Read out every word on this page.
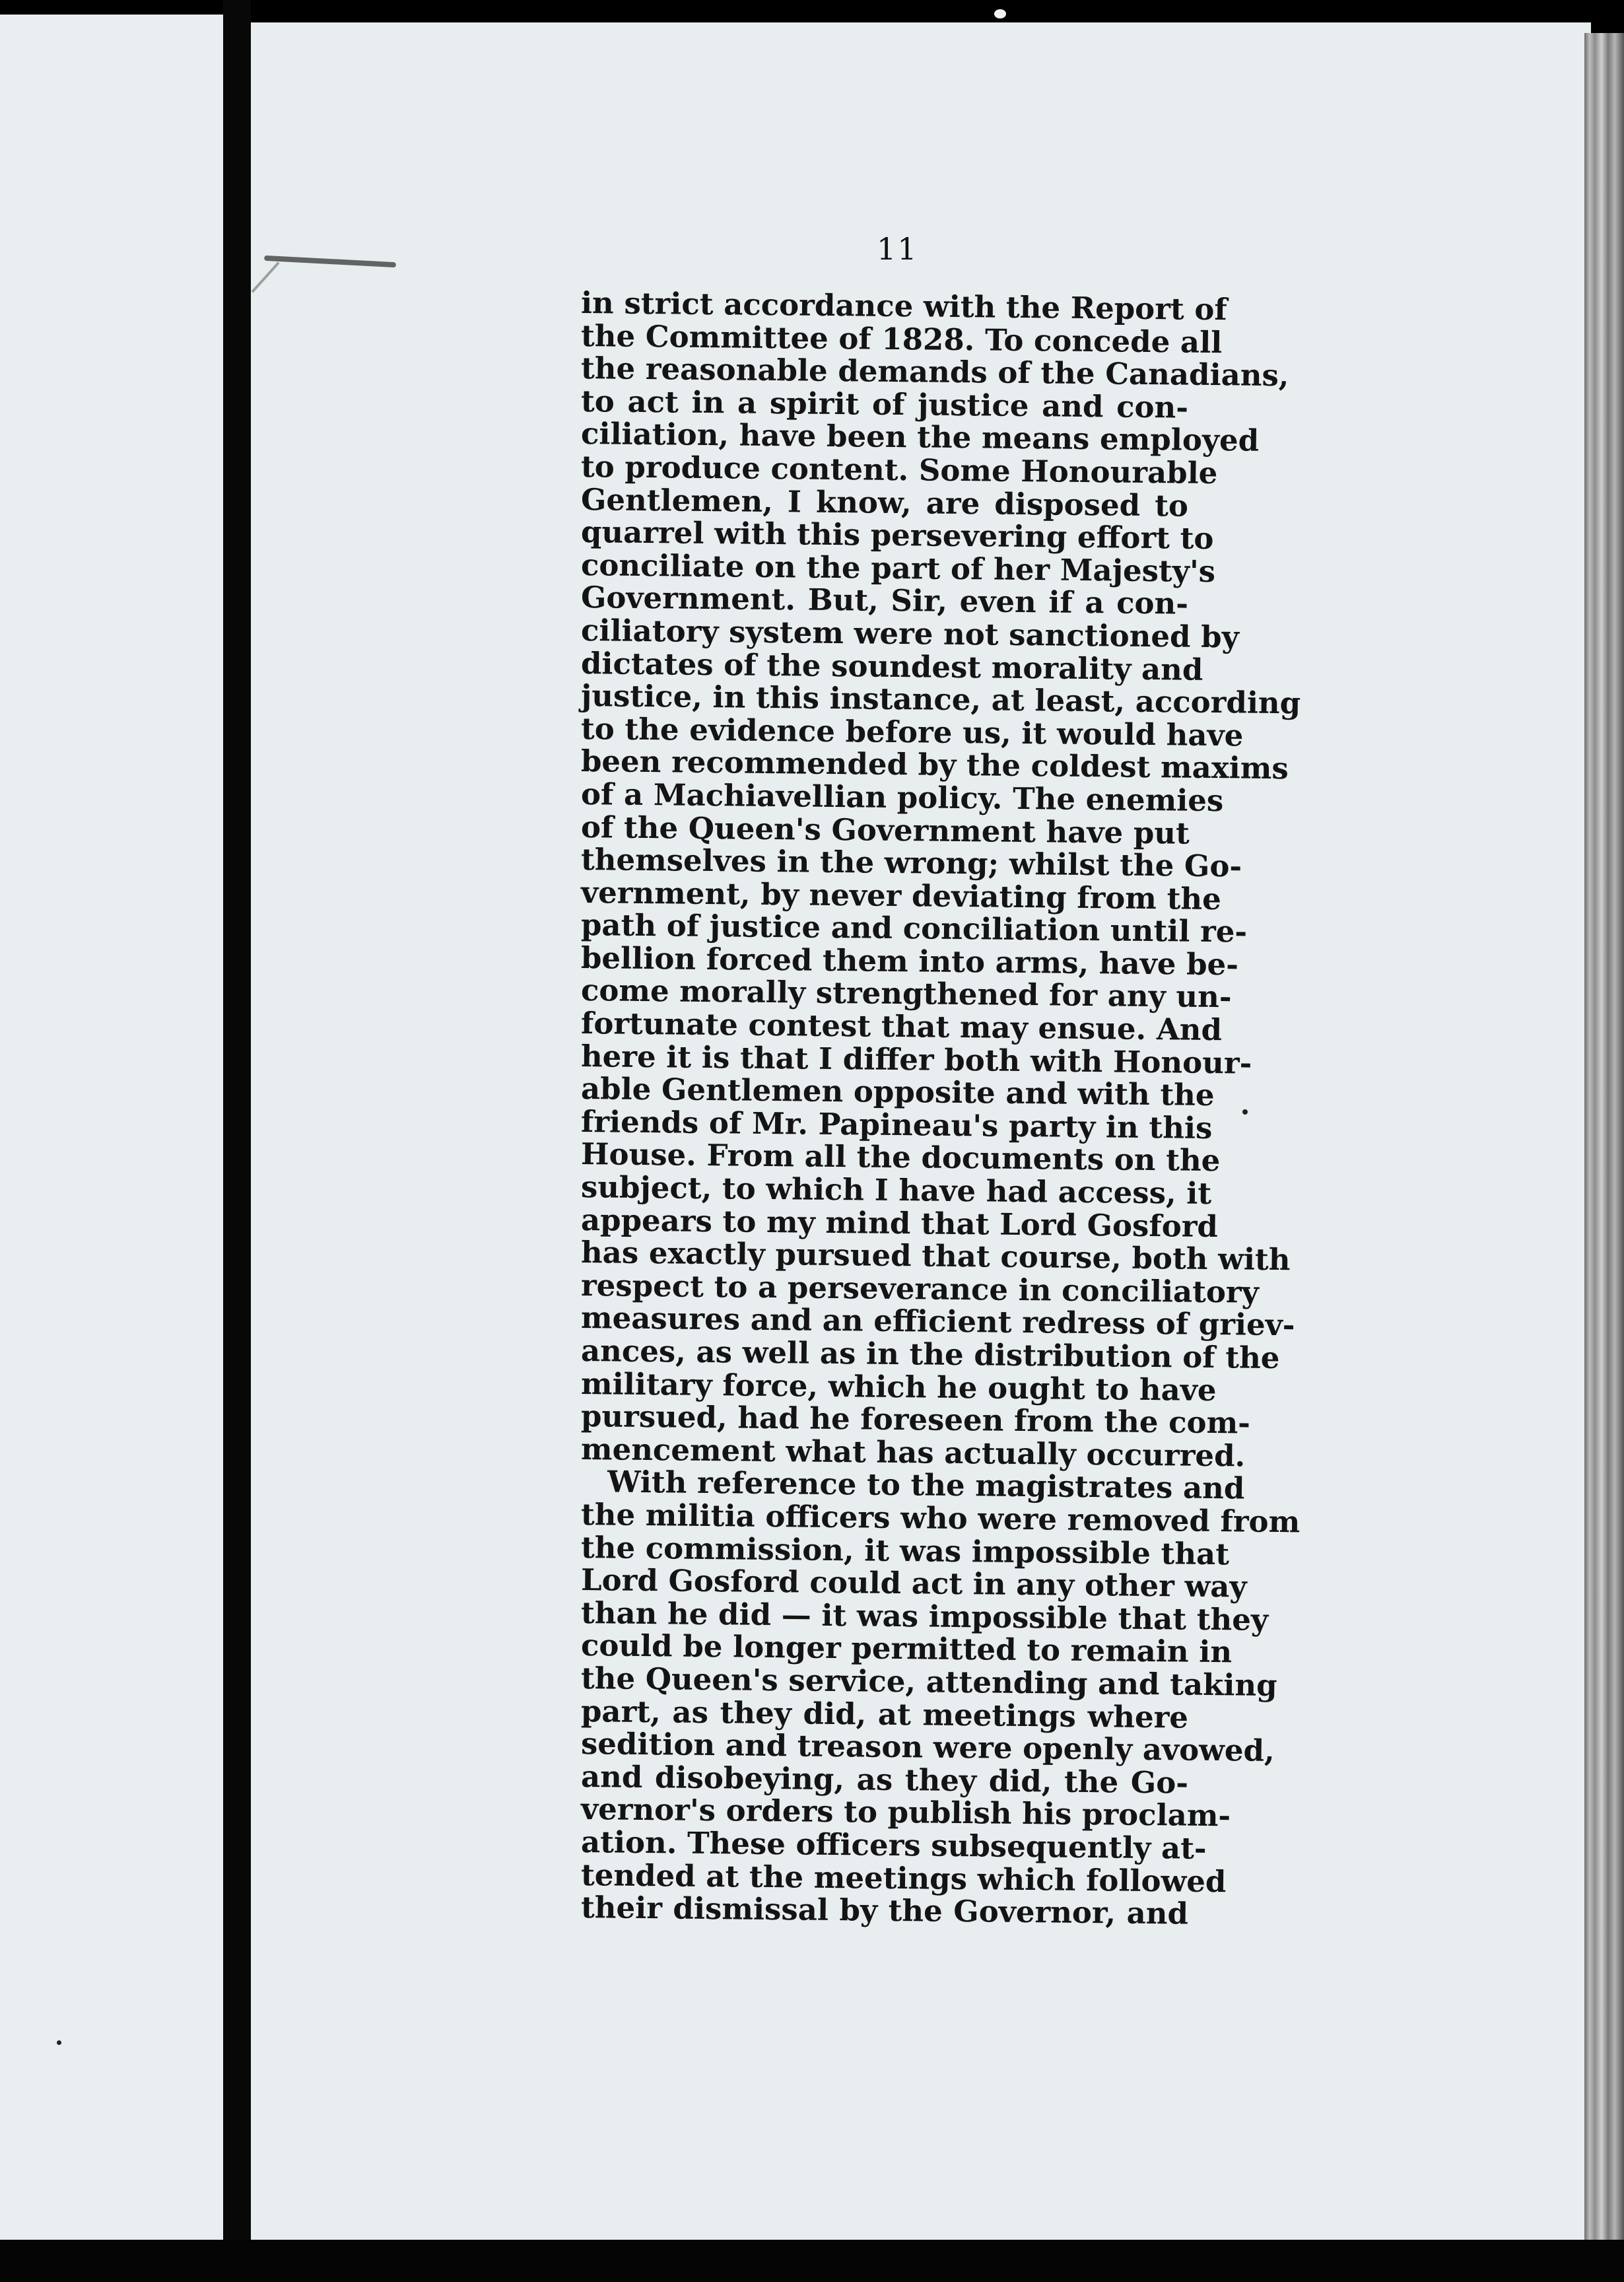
11
in strict accordance with the Report of
the Committee of 1828. To concede all
the reasonable demands of the Canadians,
to act in a spirit of justice and con-
ciliation, have been the means employed
to produce content. Some Honourable
Gentlemen, I know, are disposed to
quarrel with this persevering effort to
conciliate on the part of her Majesty's
Government. But, Sir, even if a con-
ciliatory system were not sanctioned by
dictates of the soundest morality and
justice, in this instance, at least, according
to the evidence before us, it would have
been recommended by the coldest maxims
of a Machiavellian policy. The enemies
of the Queen's Government have put
themselves in the wrong; whilst the Go-
vernment, by never deviating from the
path of justice and conciliation until re-
bellion forced them into arms, have be-
come morally strengthened for any un-
fortunate contest that may ensue. And
here it is that I differ both with Honour-
able Gentlemen opposite and with the
friends of Mr. Papineau's party in this
House. From all the documents on the
subject, to which I have had access, it
appears to my mind that Lord Gosford
has exactly pursued that course, both with
respect to a perseverance in conciliatory
measures and an efficient redress of griev-
ances, as well as in the distribution of the
military force, which he ought to have
pursued, had he foreseen from the com-
mencement what has actually occurred.
With reference to the magistrates and
the militia officers who were removed from
the commission, it was impossible that
Lord Gosford could act in any other way
than he did — it was impossible that they
could be longer permitted to remain in
the Queen's service, attending and taking
part, as they did, at meetings where
sedition and treason were openly avowed,
and disobeying, as they did, the Go-
vernor's orders to publish his proclam-
ation. These officers subsequently at-
tended at the meetings which followed
their dismissal by the Governor, and
